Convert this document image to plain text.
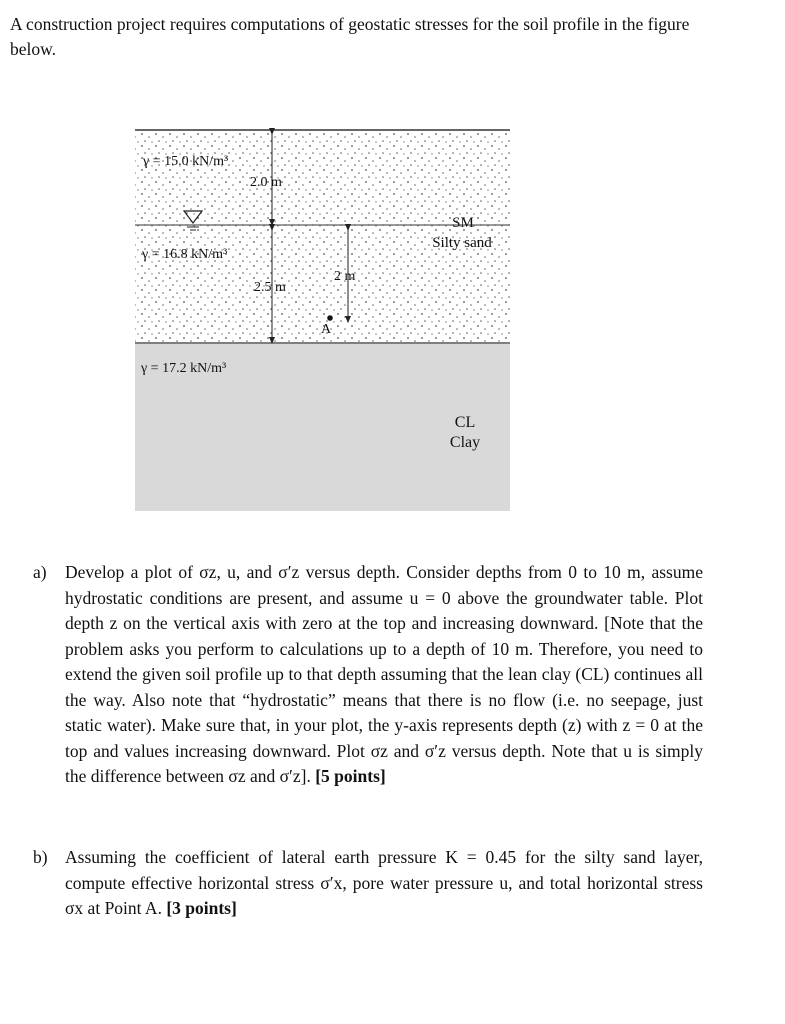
A construction project requires computations of geostatic stresses for the soil profile in the figure below.
2.0 m
2.5 m
2 m
A
γ = 15.0 kN/m³
γ = 16.8 kN/m³
γ = 17.2 kN/m³
SM
Silty sand
CL
Clay
a) Develop a plot of σz, u, and σ′z versus depth. Consider depths from 0 to 10 m, assume hydrostatic conditions are present, and assume u = 0 above the groundwater table. Plot depth z on the vertical axis with zero at the top and increasing downward. [Note that the problem asks you perform to calculations up to a depth of 10 m. Therefore, you need to extend the given soil profile up to that depth assuming that the lean clay (CL) continues all the way. Also note that “hydrostatic” means that there is no flow (i.e. no seepage, just static water). Make sure that, in your plot, the y-axis represents depth (z) with z = 0 at the top and values increasing downward. Plot σz and σ′z versus depth. Note that u is simply the difference between σz and σ′z]. [5 points]
b) Assuming the coefficient of lateral earth pressure K = 0.45 for the silty sand layer, compute effective horizontal stress σ′x, pore water pressure u, and total horizontal stress σx at Point A. [3 points]
